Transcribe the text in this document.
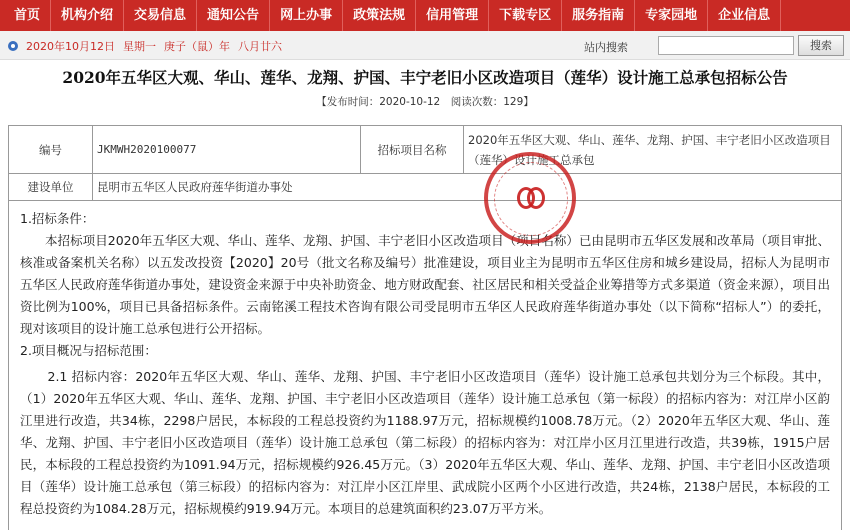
首页	机构介绍	交易信息	通知公告	网上办事	政策法规	信用管理	下载专区	服务指南	专家园地	企业信息
2020年10月12日 星期一 庚子（鼠）年 八月廿六	站内搜索	搜索
2020年五华区大观、华山、莲华、龙翔、护国、丰宁老旧小区改造项目（莲华）设计施工总承包招标公告
【发布时间：2020-10-12　阅读次数：129】
编号	JKMWH2020100077	招标项目名称	2020年五华区大观、华山、莲华、龙翔、护国、丰宁老旧小区改造项目（莲华）设计施工总承包
建设单位	昆明市五华区人民政府莲华街道办事处		
1.招标条件：
本招标项目2020年五华区大观、华山、莲华、龙翔、护国、丰宁老旧小区改造项目（项目名称）已由昆明市五华区发展和改革局（项目审批、核准或备案机关名称）以五发改投资【2020】20号（批文名称及编号）批准建设，项目业主为昆明市五华区住房和城乡建设局，招标人为昆明市五华区人民政府莲华街道办事处，建设资金来源于中央补助资金、地方财政配套、社区居民和相关受益企业筹措等方式多渠道（资金来源），项目出资比例为100%，项目已具备招标条件。云南铭溪工程技术咨询有限公司受昆明市五华区人民政府莲华街道办事处（以下简称“招标人”）的委托，现对该项目的设计施工总承包进行公开招标。
2.项目概况与招标范围：
2.1 招标内容：2020年五华区大观、华山、莲华、龙翔、护国、丰宁老旧小区改造项目（莲华）设计施工总承包共划分为三个标段。其中，（1）2020年五华区大观、华山、莲华、龙翔、护国、丰宁老旧小区改造项目（莲华）设计施工总承包（第一标段）的招标内容为：对江岸小区韵江里进行改造，共34栋，2298户居民，本标段的工程总投资约为1188.97万元，招标规模约1008.78万元。（2）2020年五华区大观、华山、莲华、龙翔、护国、丰宁老旧小区改造项目（莲华）设计施工总承包（第二标段）的招标内容为：对江岸小区月江里进行改造，共39栋，1915户居民，本标段的工程总投资约为1091.94万元，招标规模约926.45万元。（3）2020年五华区大观、华山、莲华、龙翔、护国、丰宁老旧小区改造项目（莲华）设计施工总承包（第三标段）的招标内容为：对江岸小区江岸里、武成院小区两个小区进行改造，共24栋，2138户居民，本标段的工程总投资约为1084.28万元，招标规模约919.94万元。本项目的总建筑面积约23.07万平方米。
